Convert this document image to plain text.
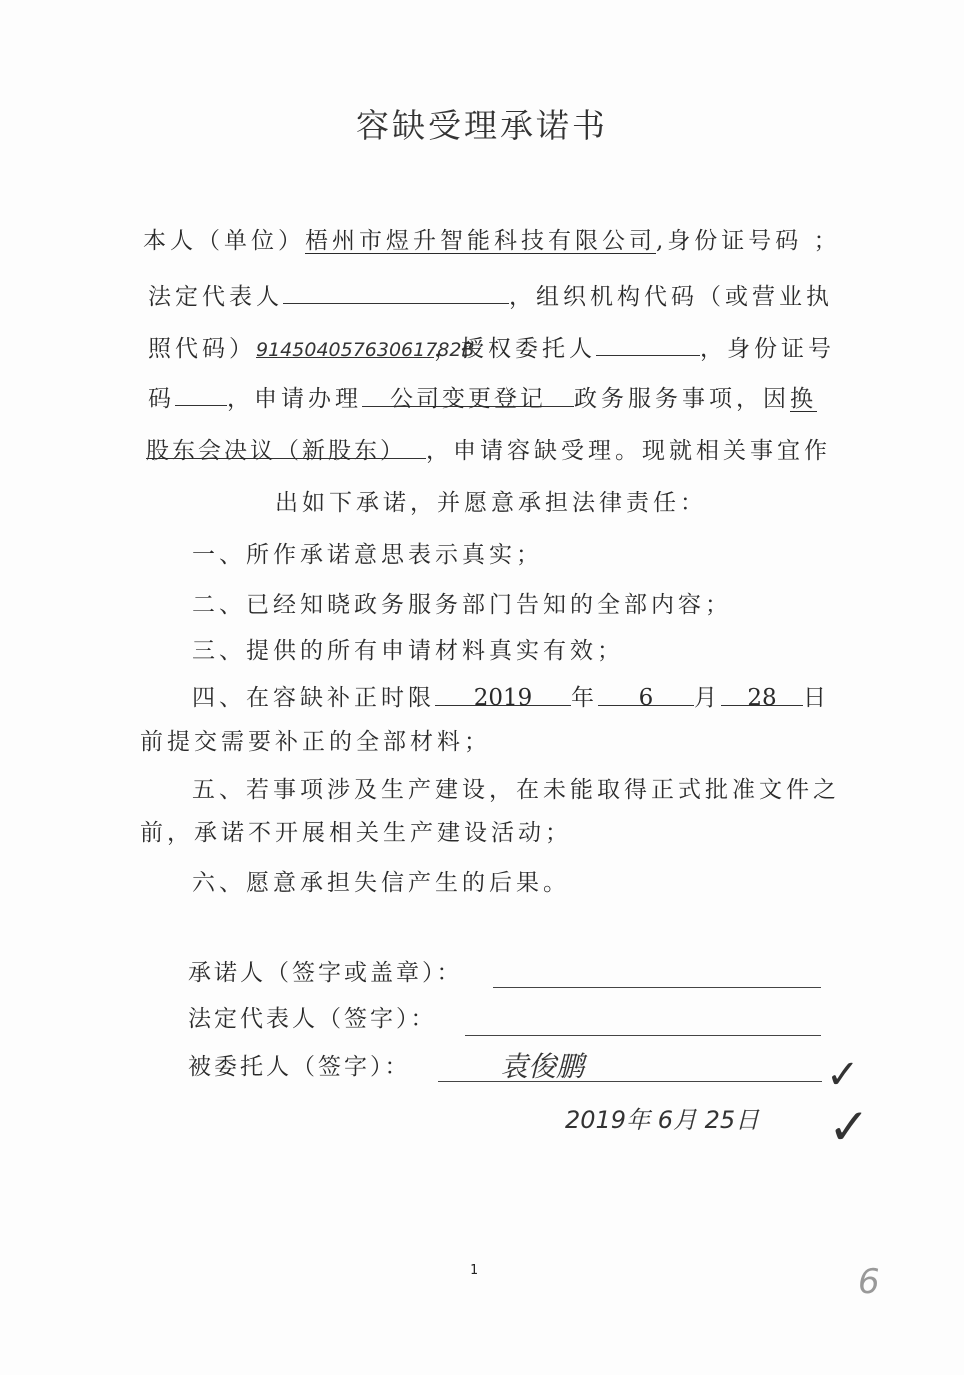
容缺受理承诺书
本人（单位）梧州市煜升智能科技有限公司,身份证号码 ；
法定代表人	，组织机构代码（或营业执
照代码）91450405763061782B，授权委托人	，身份证号
码 ，申请办理 公司变更登记 政务服务事项，因换
股东会决议（新股东） ，申请容缺受理。现就相关事宜作
出如下承诺，并愿意承担法律责任：
一、所作承诺意思表示真实；
二、已经知晓政务服务部门告知的全部内容；
三、提供的所有申请材料真实有效；
四、在容缺补正时限 2019 年 6 月 28 日
前提交需要补正的全部材料；
五、若事项涉及生产建设，在未能取得正式批准文件之
前，承诺不开展相关生产建设活动；
六、愿意承担失信产生的后果。
承诺人（签字或盖章）：
法定代表人（签字）：
被委托人（签字）：	袁俊鹏	✓
2019年 6月 25日 ✓
1	6
